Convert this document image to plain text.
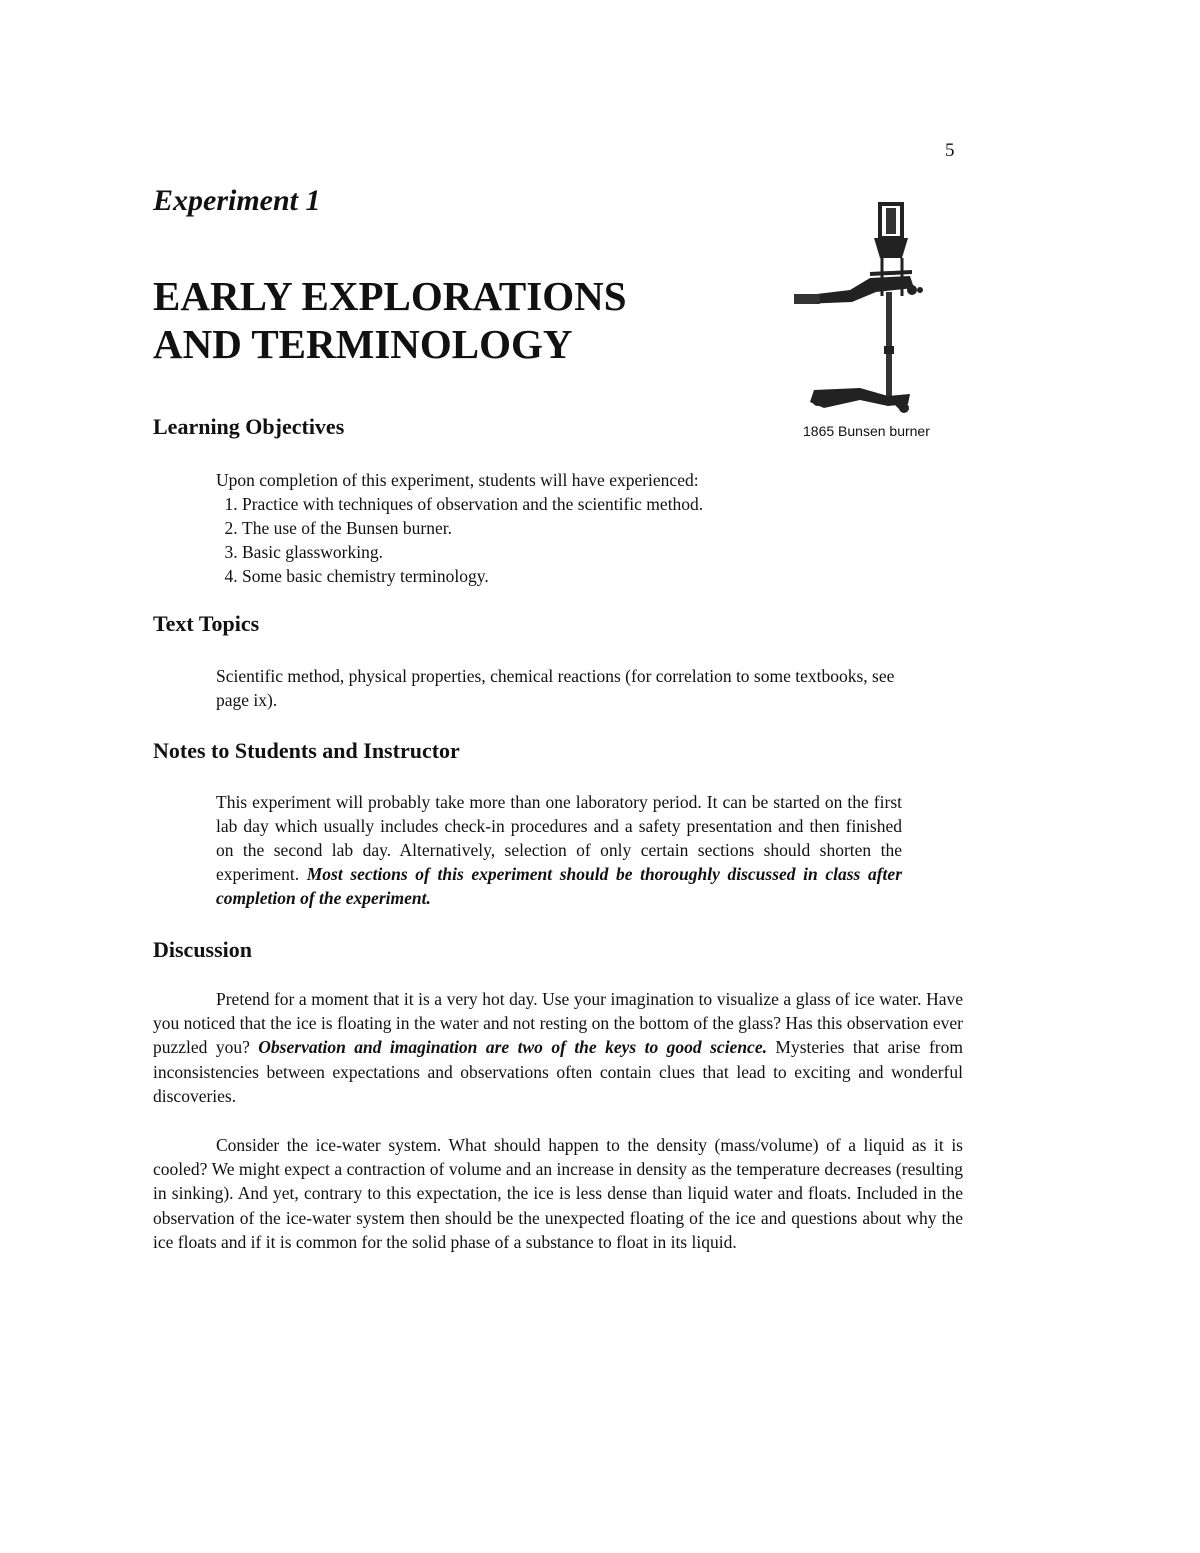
5
Experiment 1
EARLY EXPLORATIONS
AND TERMINOLOGY
1865 Bunsen burner
Learning Objectives

Upon completion of this experiment, students will have experienced:

1. Practice with techniques of observation and the scientific method.
2. The use of the Bunsen burner.
3. Basic glassworking.
4. Some basic chemistry terminology.
Text Topics

Scientific method, physical properties, chemical reactions (for correlation to some textbooks, see page ix).

Notes to Students and Instructor

This experiment will probably take more than one laboratory period. It can be started on the first lab day which usually includes check-in procedures and a safety presentation and then finished on the second lab day. Alternatively, selection of only certain sections should shorten the experiment. Most sections of this experiment should be thoroughly discussed in class after completion of the experiment.

Discussion

Pretend for a moment that it is a very hot day. Use your imagination to visualize a glass of ice water. Have you noticed that the ice is floating in the water and not resting on the bottom of the glass? Has this observation ever puzzled you? Observation and imagination are two of the keys to good science. Mysteries that arise from inconsistencies between expectations and observations often contain clues that lead to exciting and wonderful discoveries.

Consider the ice-water system. What should happen to the density (mass/volume) of a liquid as it is cooled? We might expect a contraction of volume and an increase in density as the temperature decreases (resulting in sinking). And yet, contrary to this expectation, the ice is less dense than liquid water and floats. Included in the observation of the ice-water system then should be the unexpected floating of the ice and questions about why the ice floats and if it is common for the solid phase of a substance to float in its liquid.
